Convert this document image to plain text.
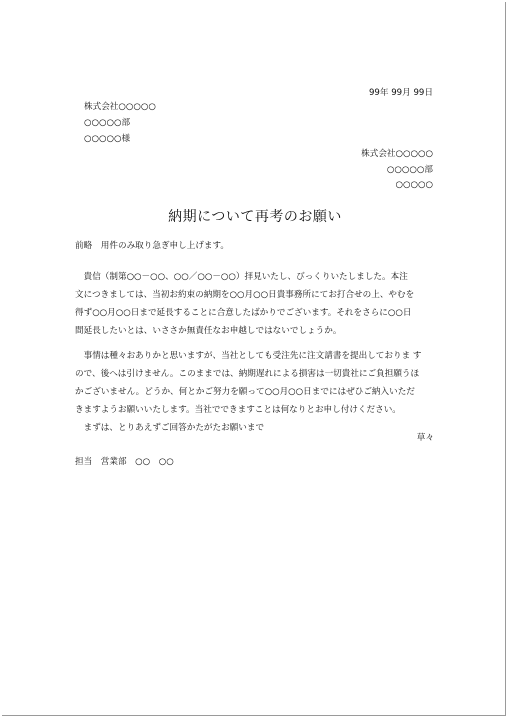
99年 99月 99日
株式会社○○○○○
○○○○○部
○○○○○様
株式会社○○○○○
○○○○○部
○○○○○
納期について再考のお願い
前略　用件のみ取り急ぎ申し上げます。
　貴信（制第○○－○○、○○／○○－○○）拝見いたし、びっくりいたしました。本注
文につきましては、当初お約束の納期を○○月○○日貴事務所にてお打合せの上、やむを
得ず○○月○○日まで延長することに合意したばかりでございます。それをさらに○○日
間延長したいとは、いささか無責任なお申越しではないでしょうか。
　事情は種々おありかと思いますが、当社としても受注先に注文請書を提出しておりま す
ので、後へは引けません。このままでは、納期遅れによる損害は一切貴社にご負担願うほ
かございません。どうか、何とかご努力を願って○○月○○日までにはぜひご納入いただ
きますようお願いいたします。当社でできますことは何なりとお申し付けください。
　まずは、とりあえずご回答かたがたお願いまで
草々
担当　営業部　○○　○○
